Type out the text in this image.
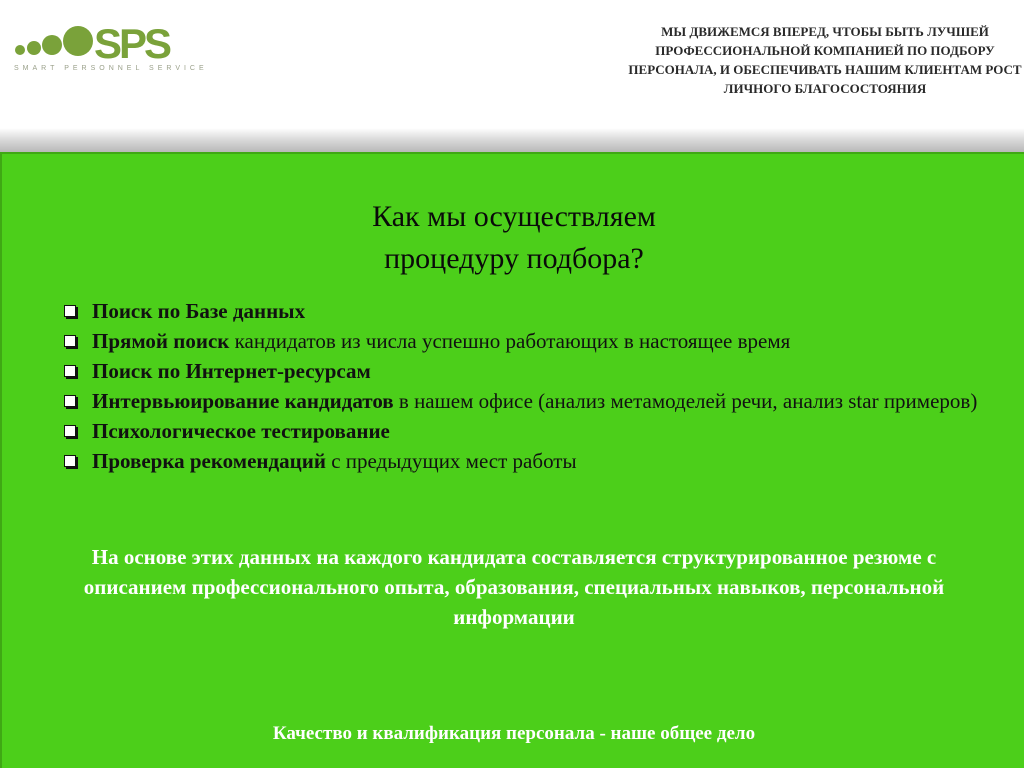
SPS
SMART PERSONNEL SERVICE
МЫ ДВИЖЕМСЯ ВПЕРЕД, ЧТОБЫ БЫТЬ ЛУЧШЕЙ ПРОФЕССИОНАЛЬНОЙ КОМПАНИЕЙ ПО ПОДБОРУ ПЕРСОНАЛА, И ОБЕСПЕЧИВАТЬ НАШИМ КЛИЕНТАМ РОСТ ЛИЧНОГО БЛАГОСОСТОЯНИЯ
Как мы осуществляем
процедуру подбора?
Поиск по Базе данных
Прямой поиск кандидатов из числа успешно работающих в настоящее время
Поиск по Интернет-ресурсам
Интервьюирование кандидатов в нашем офисе (анализ метамоделей речи, анализ star примеров)
Психологическое тестирование
Проверка рекомендаций с предыдущих мест работы
На основе этих данных на каждого кандидата составляется структурированное резюме с описанием профессионального опыта, образования, специальных навыков, персональной информации
Качество и квалификация персонала - наше общее дело
